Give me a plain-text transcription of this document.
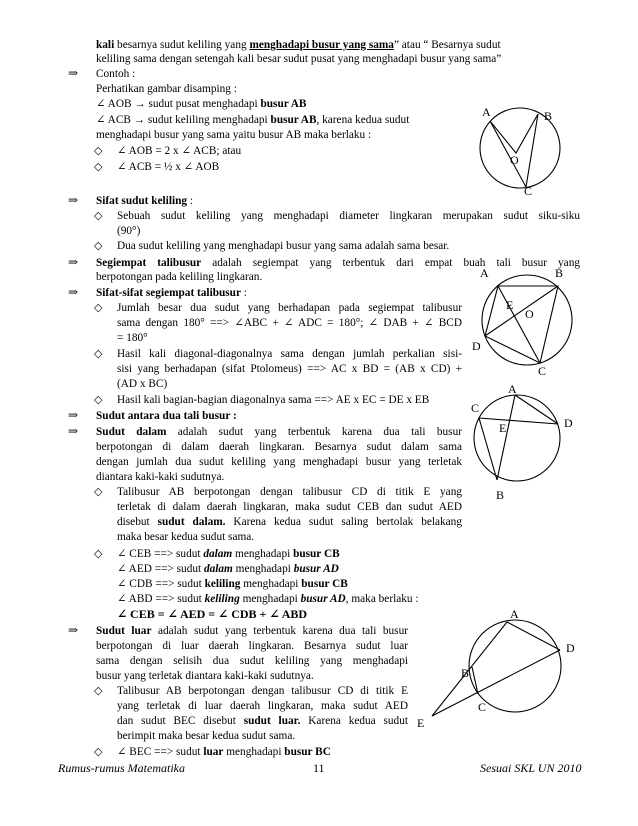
kali besarnya sudut keliling yang menghadapi busur yang sama” atau “ Besarnya sudut
keliling sama dengan setengah kali besar sudut pusat yang menghadapi busur yang sama”
⇒ Contoh :
Perhatikan gambar disamping :
∠ AOB → sudut pusat menghadapi busur AB
∠ ACB → sudut keliling menghadapi busur AB, karena kedua sudut
menghadapi busur yang sama yaitu busur AB maka berlaku :
◇ ∠ AOB = 2 x ∠ ACB; atau
◇ ∠ ACB = ½ x ∠ AOB
A	B
O
C
⇒ Sifat sudut keliling :
◇ Sebuah sudut keliling yang menghadapi diameter lingkaran merupakan sudut siku-siku
(90°)
◇ Dua sudut keliling yang menghadapi busur yang sama adalah sama besar.
⇒ Segiempat talibusur adalah segiempat yang terbentuk dari empat buah tali busur yang
berpotongan pada keliling lingkaran.
⇒ Sifat-sifat segiempat talibusur :
◇ Jumlah besar dua sudut yang berhadapan pada segiempat talibusur
sama dengan 180° ==> ∠ABC + ∠ ADC = 180°; ∠ DAB + ∠ BCD
= 180°
◇ Hasil kali diagonal-diagonalnya sama dengan jumlah perkalian sisi-
sisi yang berhadapan (sifat Ptolomeus) ==> AC x BD = (AB x CD) +
(AD x BC)
◇ Hasil kali bagian-bagian diagonalnya sama ==> AE x EC = DE x EB
A	B
E
O
D
C
⇒ Sudut antara dua tali busur :
⇒ Sudut dalam adalah sudut yang terbentuk karena dua tali busur
berpotongan di dalam daerah lingkaran. Besarnya sudut dalam sama
dengan jumlah dua sudut keliling yang menghadapi busur yang terletak
diantara kaki-kaki sudutnya.
◇ Talibusur AB berpotongan dengan talibusur CD di titik E yang
terletak di dalam daerah lingkaran, maka sudut CEB dan sudut AED
disebut sudut dalam. Karena kedua sudut saling bertolak belakang
maka besar kedua sudut sama.
◇ ∠ CEB ==> sudut dalam menghadapi busur CB
∠ AED ==> sudut dalam menghadapi busur AD
∠ CDB ==> sudut keliling menghadapi busur CB
∠ ABD ==> sudut keliling menghadapi busur AD, maka berlaku :
∠ CEB = ∠ AED = ∠ CDB + ∠ ABD
A
C
E	D
B
⇒ Sudut luar adalah sudut yang terbentuk karena dua tali busur
berpotongan di luar daerah lingkaran. Besarnya sudut luar
sama dengan selisih dua sudut keliling yang menghadapi
busur yang terletak diantara kaki-kaki sudutnya.
◇ Talibusur AB berpotongan dengan talibusur CD di titik E
yang terletak di luar daerah lingkaran, maka sudut AED
dan sudut BEC disebut sudut luar. Karena kedua sudut
berimpit maka besar kedua sudut sama.
◇ ∠ BEC ==> sudut luar menghadapi busur BC
A
D
B
C
E
Rumus-rumus Matematika	11	Sesuai SKL UN 2010
